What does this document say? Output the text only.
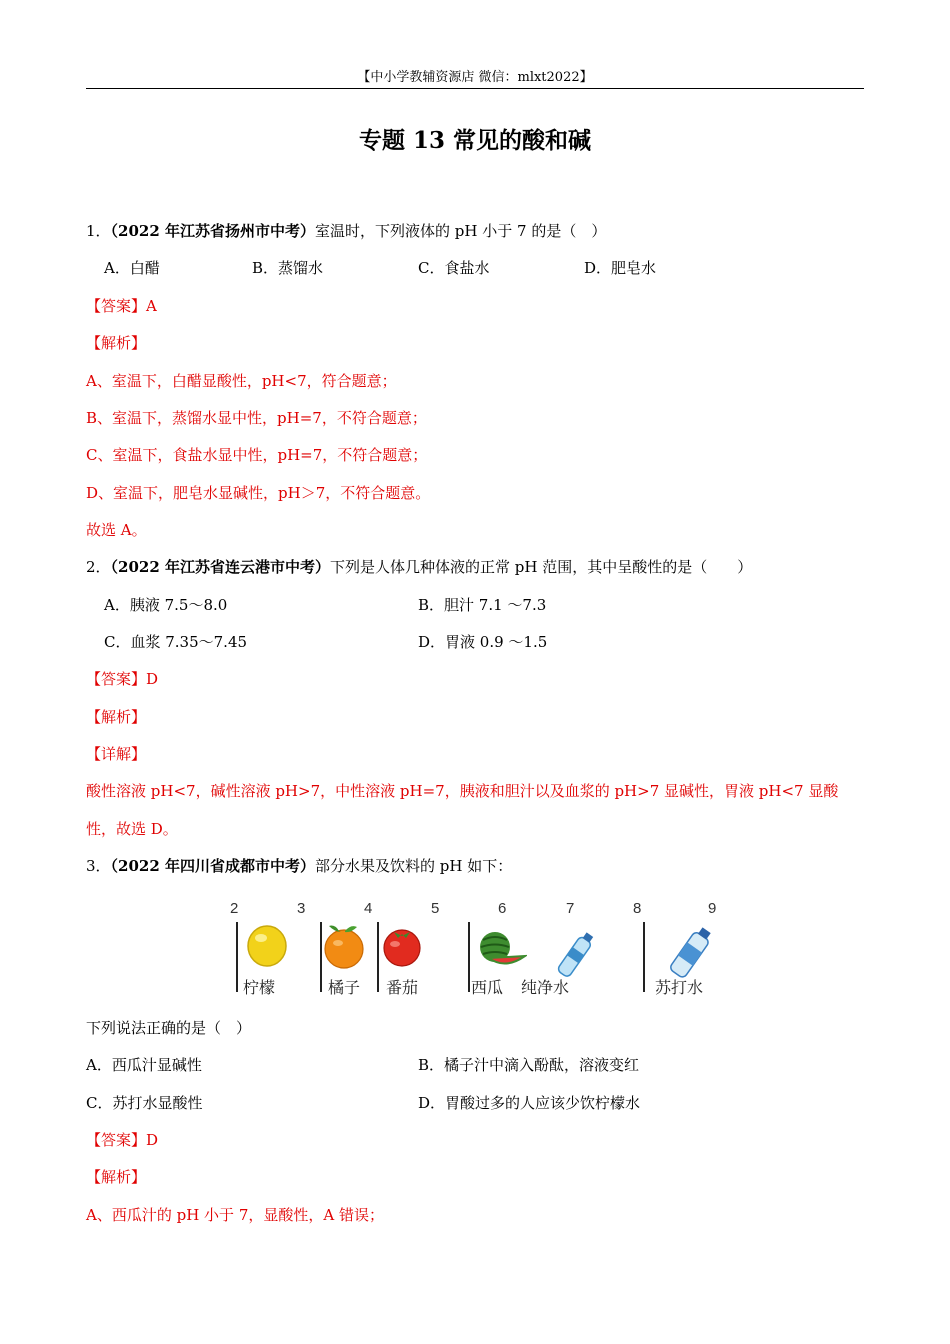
【中小学教辅资源店 微信：mlxt2022】
专题 13 常见的酸和碱
1．（2022 年江苏省扬州市中考）室温时，下列液体的 pH 小于 7 的是（　）
A．白醋	B．蒸馏水	C．食盐水	D．肥皂水
【答案】A
【解析】
A、室温下，白醋显酸性，pH<7，符合题意；
B、室温下，蒸馏水显中性，pH=7，不符合题意；
C、室温下，食盐水显中性，pH=7，不符合题意；
D、室温下，肥皂水显碱性，pH＞7，不符合题意。
故选 A。
2．（2022 年江苏省连云港市中考）下列是人体几种体液的正常 pH 范围，其中呈酸性的是（　　）
A．胰液 7.5～8.0	B．胆汁 7.1 ～7.3
C．血浆 7.35～7.45	D．胃液 0.9 ～1.5
【答案】D
【解析】
【详解】
酸性溶液 pH<7，碱性溶液 pH>7，中性溶液 pH=7，胰液和胆汁以及血浆的 pH>7 显碱性，胃液 pH<7 显酸
性，故选 D。
3．（2022 年四川省成都市中考）部分水果及饮料的 pH 如下：
2	3	4	5	6	7	8	9
柠檬	橘子 番茄	西瓜 纯净水	苏打水
下列说法正确的是（　）
A．西瓜汁显碱性	B．橘子汁中滴入酚酞，溶液变红
C．苏打水显酸性	D．胃酸过多的人应该少饮柠檬水
【答案】D
【解析】
A、西瓜汁的 pH 小于 7，显酸性，A 错误；
